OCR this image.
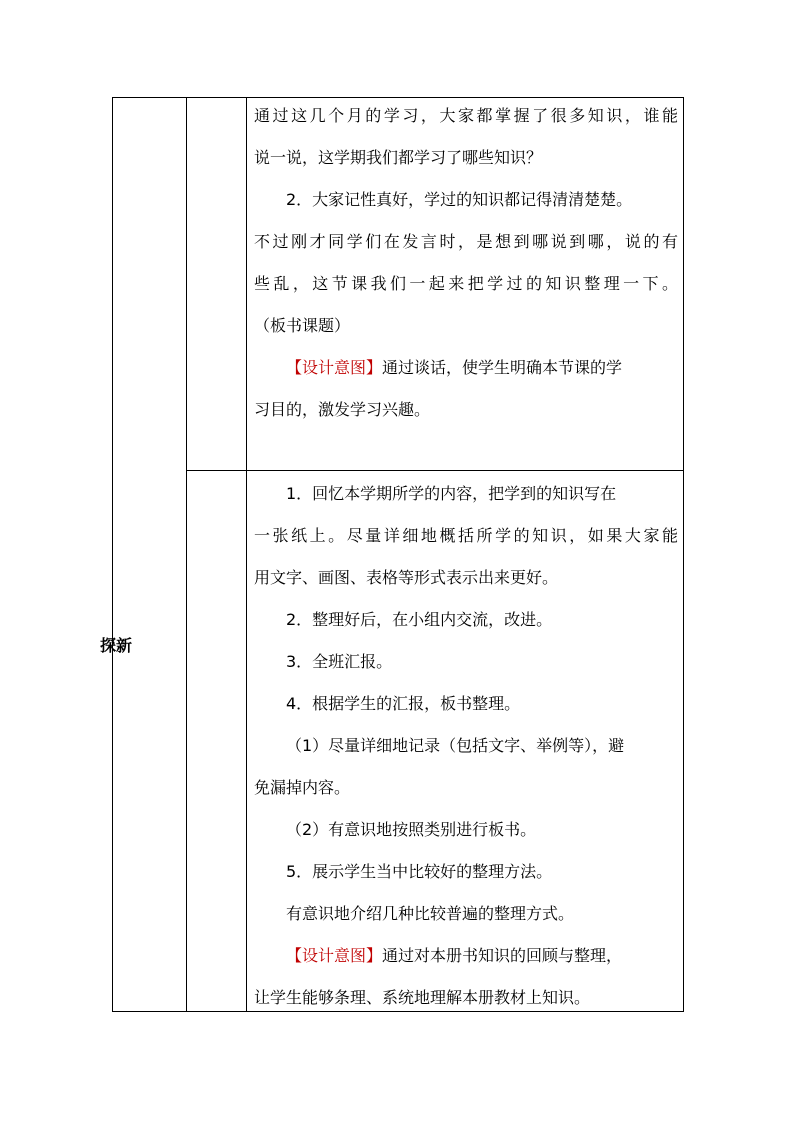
探新
通过这几个月的学习，大家都掌握了很多知识，谁能
说一说，这学期我们都学习了哪些知识？
2．大家记性真好，学过的知识都记得清清楚楚。
不过刚才同学们在发言时，是想到哪说到哪，说的有
些乱，这节课我们一起来把学过的知识整理一下。
（板书课题）
【设计意图】通过谈话，使学生明确本节课的学
习目的，激发学习兴趣。
1．回忆本学期所学的内容，把学到的知识写在
一张纸上。尽量详细地概括所学的知识，如果大家能
用文字、画图、表格等形式表示出来更好。
2．整理好后，在小组内交流，改进。
3．全班汇报。
4．根据学生的汇报，板书整理。
（1）尽量详细地记录（包括文字、举例等），避
免漏掉内容。
（2）有意识地按照类别进行板书。
5．展示学生当中比较好的整理方法。
有意识地介绍几种比较普遍的整理方式。
【设计意图】通过对本册书知识的回顾与整理，
让学生能够条理、系统地理解本册教材上知识。
